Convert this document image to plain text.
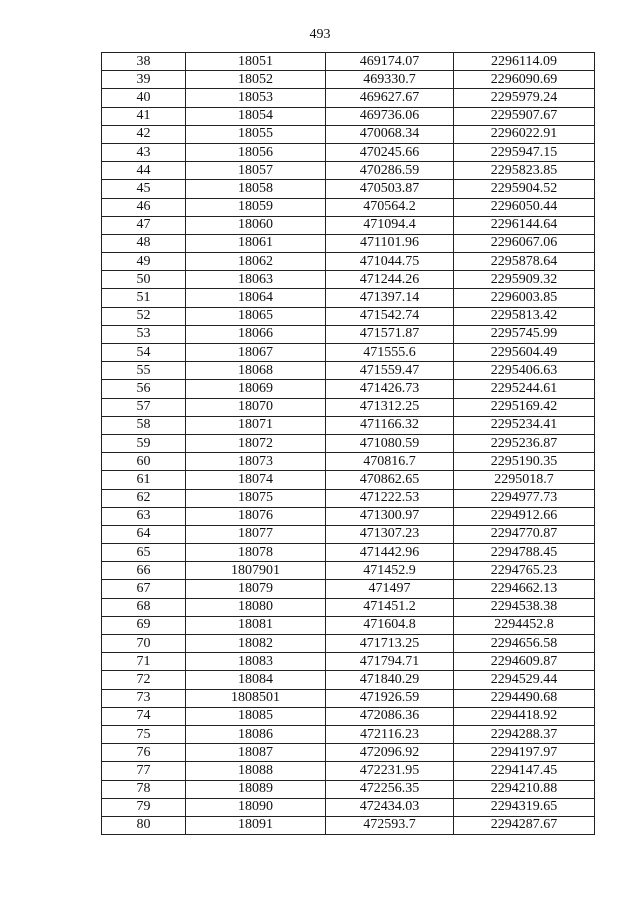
493
38	18051	469174.07	2296114.09
39	18052	469330.7	2296090.69
40	18053	469627.67	2295979.24
41	18054	469736.06	2295907.67
42	18055	470068.34	2296022.91
43	18056	470245.66	2295947.15
44	18057	470286.59	2295823.85
45	18058	470503.87	2295904.52
46	18059	470564.2	2296050.44
47	18060	471094.4	2296144.64
48	18061	471101.96	2296067.06
49	18062	471044.75	2295878.64
50	18063	471244.26	2295909.32
51	18064	471397.14	2296003.85
52	18065	471542.74	2295813.42
53	18066	471571.87	2295745.99
54	18067	471555.6	2295604.49
55	18068	471559.47	2295406.63
56	18069	471426.73	2295244.61
57	18070	471312.25	2295169.42
58	18071	471166.32	2295234.41
59	18072	471080.59	2295236.87
60	18073	470816.7	2295190.35
61	18074	470862.65	2295018.7
62	18075	471222.53	2294977.73
63	18076	471300.97	2294912.66
64	18077	471307.23	2294770.87
65	18078	471442.96	2294788.45
66	1807901	471452.9	2294765.23
67	18079	471497	2294662.13
68	18080	471451.2	2294538.38
69	18081	471604.8	2294452.8
70	18082	471713.25	2294656.58
71	18083	471794.71	2294609.87
72	18084	471840.29	2294529.44
73	1808501	471926.59	2294490.68
74	18085	472086.36	2294418.92
75	18086	472116.23	2294288.37
76	18087	472096.92	2294197.97
77	18088	472231.95	2294147.45
78	18089	472256.35	2294210.88
79	18090	472434.03	2294319.65
80	18091	472593.7	2294287.67
